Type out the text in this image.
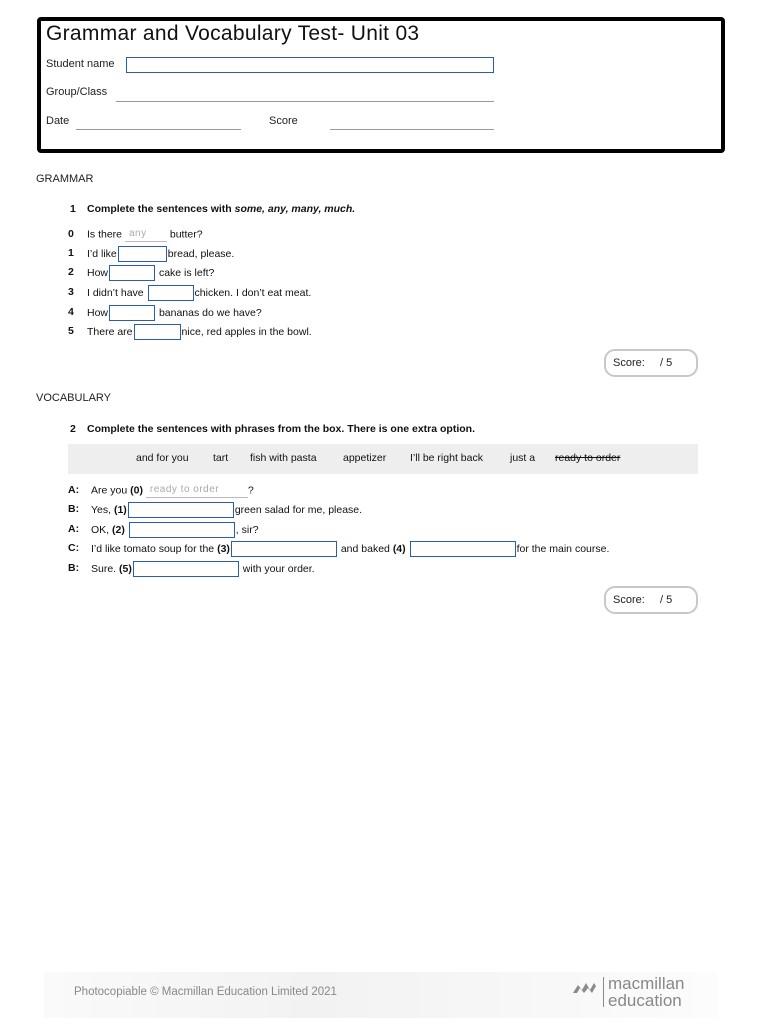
Grammar and Vocabulary Test- Unit 03
Student name
Group/Class
Date	Score
GRAMMAR
1 Complete the sentences with some, any, many, much.
0 Is there any butter?
1 I’d like	bread, please.
2 How	cake is left?
3 I didn’t have	chicken. I don’t eat meat.
4 How	bananas do we have?
5 There are	nice, red apples in the bowl.
Score: / 5
VOCABULARY
2 Complete the sentences with phrases from the box. There is one extra option.
and for you tart fish with pasta	appetizer I’ll be right back	just a ready to order
A: Are you (0) ready to order	?
B: Yes, (1)	green salad for me, please.
A: OK, (2)	, sir?
C: I’d like tomato soup for the (3)	and baked (4)	for the main course.
B: Sure. (5)	with your order.
Score: / 5
Photocopiable © Macmillan Education Limited 2021	macmillan
education
